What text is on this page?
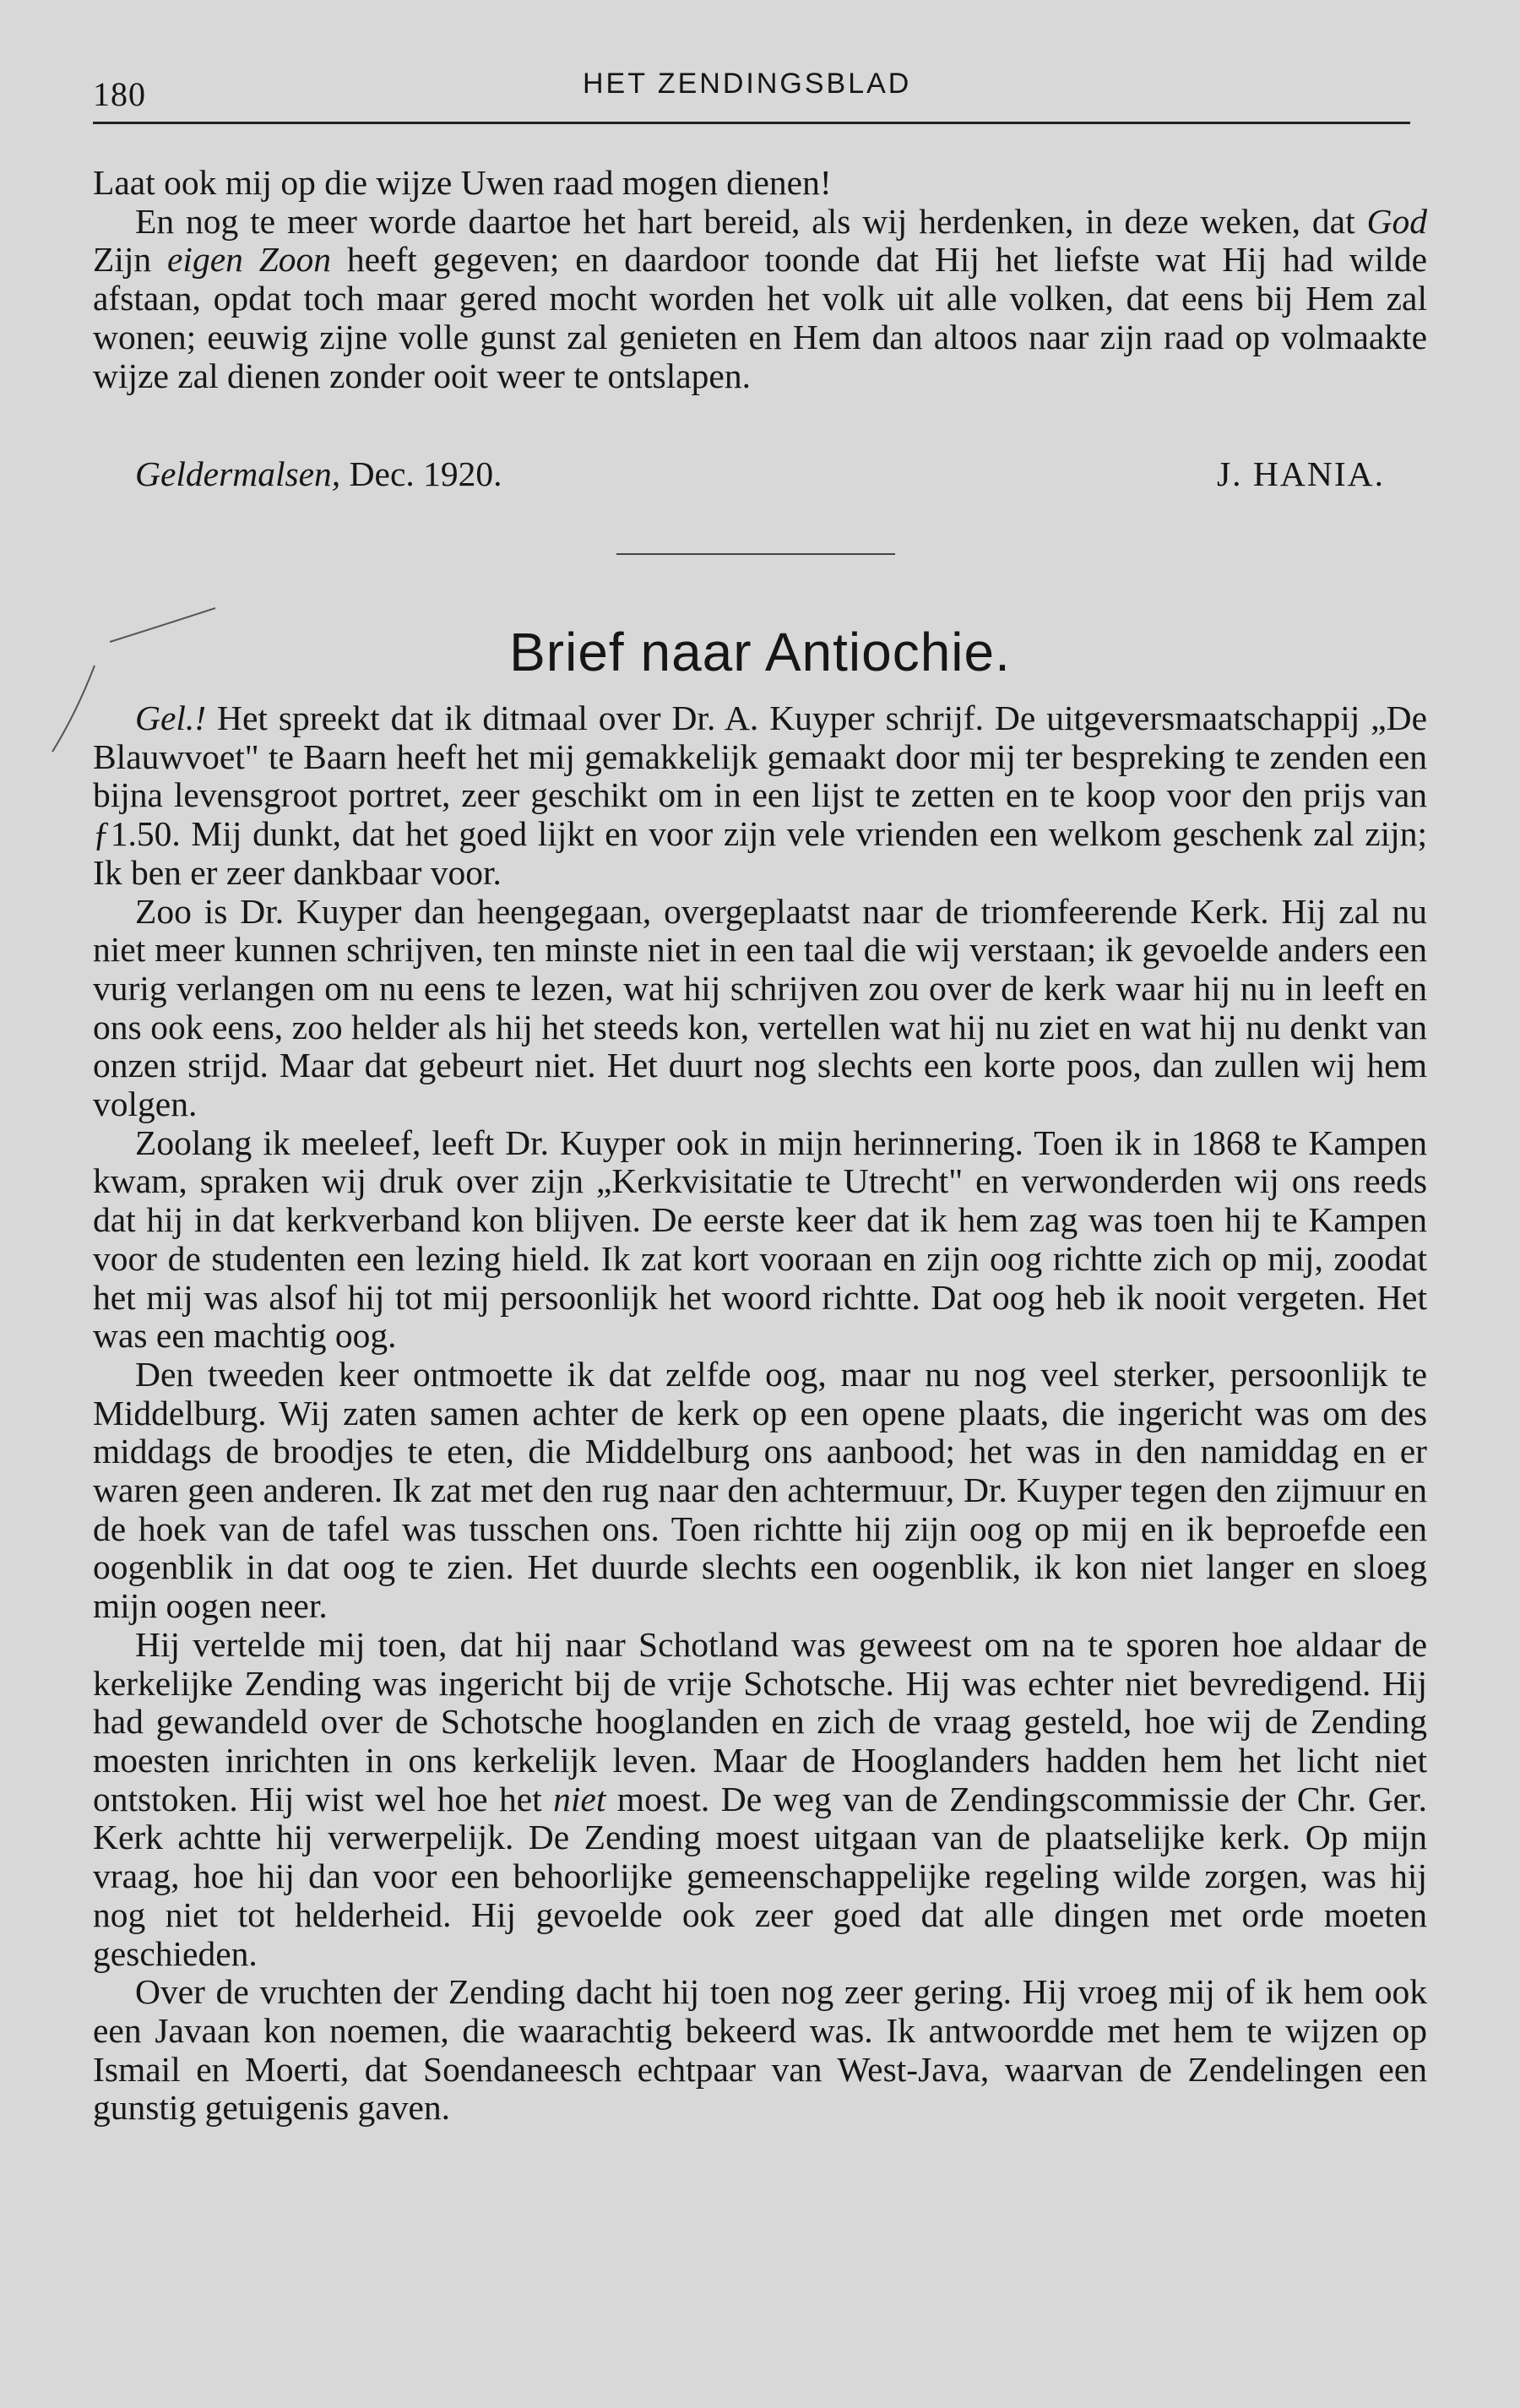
180	HET ZENDINGSBLAD

Laat ook mij op die wijze Uwen raad mogen dienen!

En nog te meer worde daartoe het hart bereid, als wij herdenken, in deze weken, dat God Zijn eigen Zoon heeft gegeven; en daardoor toonde dat Hij het liefste wat Hij had wilde afstaan, opdat toch maar gered mocht worden het volk uit alle volken, dat eens bij Hem zal wonen; eeuwig zijne volle gunst zal genieten en Hem dan altoos naar zijn raad op volmaakte wijze zal dienen zonder ooit weer te ontslapen.

Geldermalsen, Dec. 1920.	J. HANIA.
Brief naar Antiochie.

Gel.! Het spreekt dat ik ditmaal over Dr. A. Kuyper schrijf. De uitgeversmaatschappij „De Blauwvoet" te Baarn heeft het mij gemakkelijk gemaakt door mij ter bespreking te zenden een bijna levensgroot portret, zeer geschikt om in een lijst te zetten en te koop voor den prijs van ƒ1.50. Mij dunkt, dat het goed lijkt en voor zijn vele vrienden een welkom geschenk zal zijn; Ik ben er zeer dankbaar voor.

Zoo is Dr. Kuyper dan heengegaan, overgeplaatst naar de triomfeerende Kerk. Hij zal nu niet meer kunnen schrijven, ten minste niet in een taal die wij verstaan; ik gevoelde anders een vurig verlangen om nu eens te lezen, wat hij schrijven zou over de kerk waar hij nu in leeft en ons ook eens, zoo helder als hij het steeds kon, vertellen wat hij nu ziet en wat hij nu denkt van onzen strijd. Maar dat gebeurt niet. Het duurt nog slechts een korte poos, dan zullen wij hem volgen.

Zoolang ik meeleef, leeft Dr. Kuyper ook in mijn herinnering. Toen ik in 1868 te Kampen kwam, spraken wij druk over zijn „Kerkvisitatie te Utrecht" en verwonderden wij ons reeds dat hij in dat kerkverband kon blijven. De eerste keer dat ik hem zag was toen hij te Kampen voor de studenten een lezing hield. Ik zat kort vooraan en zijn oog richtte zich op mij, zoodat het mij was alsof hij tot mij persoonlijk het woord richtte. Dat oog heb ik nooit vergeten. Het was een machtig oog.

Den tweeden keer ontmoette ik dat zelfde oog, maar nu nog veel sterker, persoonlijk te Middelburg. Wij zaten samen achter de kerk op een opene plaats, die ingericht was om des middags de broodjes te eten, die Middelburg ons aanbood; het was in den namiddag en er waren geen anderen. Ik zat met den rug naar den achtermuur, Dr. Kuyper tegen den zijmuur en de hoek van de tafel was tusschen ons. Toen richtte hij zijn oog op mij en ik beproefde een oogenblik in dat oog te zien. Het duurde slechts een oogenblik, ik kon niet langer en sloeg mijn oogen neer.

Hij vertelde mij toen, dat hij naar Schotland was geweest om na te sporen hoe aldaar de kerkelijke Zending was ingericht bij de vrije Schotsche. Hij was echter niet bevredigend. Hij had gewandeld over de Schotsche hooglanden en zich de vraag gesteld, hoe wij de Zending moesten inrichten in ons kerkelijk leven. Maar de Hooglanders hadden hem het licht niet ontstoken. Hij wist wel hoe het niet moest. De weg van de Zendingscommissie der Chr. Ger. Kerk achtte hij verwerpelijk. De Zending moest uitgaan van de plaatselijke kerk. Op mijn vraag, hoe hij dan voor een behoorlijke gemeenschappelijke regeling wilde zorgen, was hij nog niet tot helderheid. Hij gevoelde ook zeer goed dat alle dingen met orde moeten geschieden.

Over de vruchten der Zending dacht hij toen nog zeer gering. Hij vroeg mij of ik hem ook een Javaan kon noemen, die waarachtig bekeerd was. Ik antwoordde met hem te wijzen op Ismail en Moerti, dat Soendaneesch echtpaar van West-Java, waarvan de Zendelingen een gunstig getuigenis gaven.
